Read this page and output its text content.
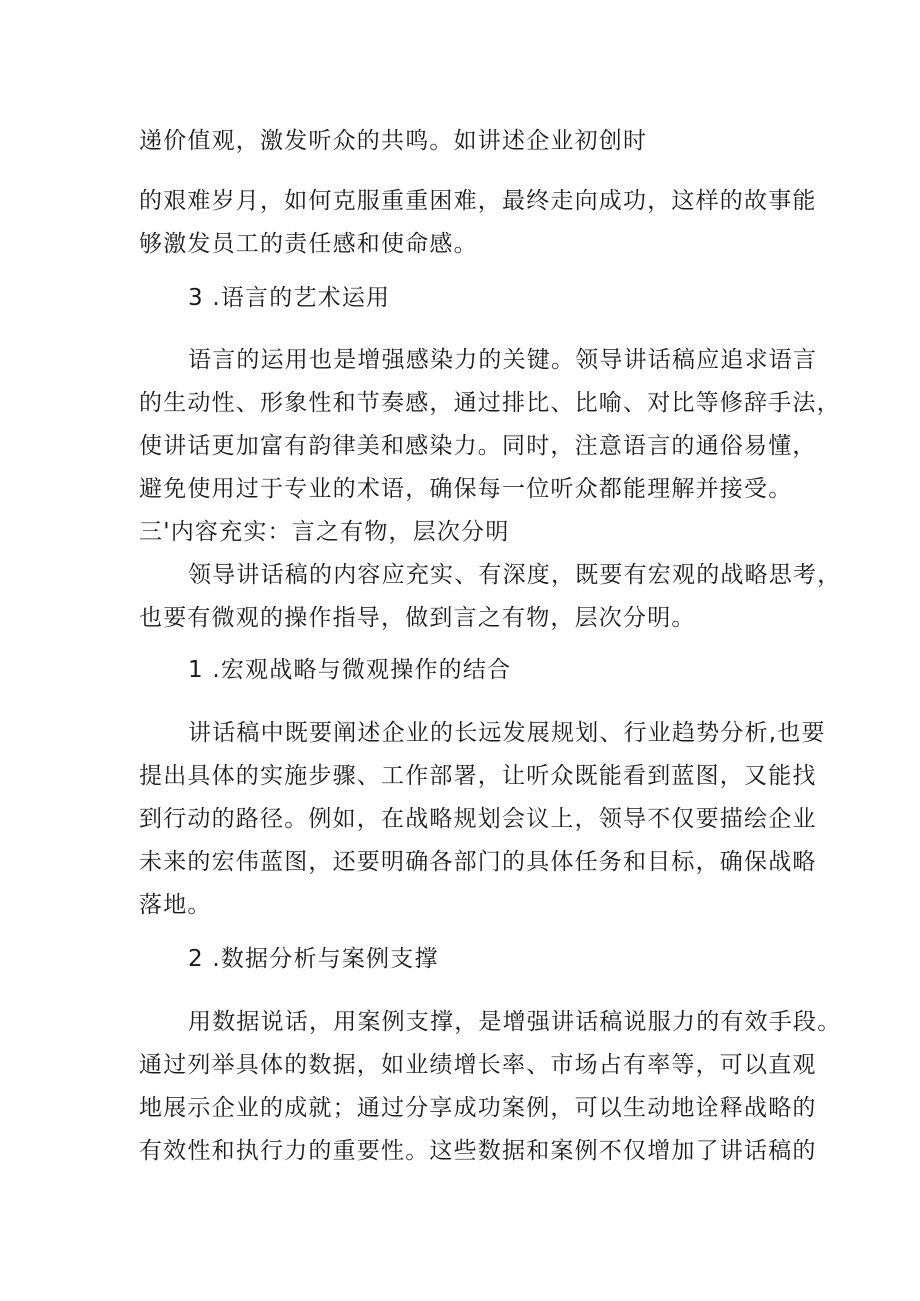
递价值观，激发听众的共鸣。如讲述企业初创时
的艰难岁月，如何克服重重困难，最终走向成功，这样的故事能
够激发员工的责任感和使命感。
3 .语言的艺术运用
语言的运用也是增强感染力的关键。领导讲话稿应追求语言
的生动性、形象性和节奏感，通过排比、比喻、对比等修辞手法，
使讲话更加富有韵律美和感染力。同时，注意语言的通俗易懂，
避免使用过于专业的术语，确保每一位听众都能理解并接受。
三'内容充实：言之有物，层次分明
领导讲话稿的内容应充实、有深度，既要有宏观的战略思考，
也要有微观的操作指导，做到言之有物，层次分明。
1 .宏观战略与微观操作的结合
讲话稿中既要阐述企业的长远发展规划、行业趋势分析,也要
提出具体的实施步骤、工作部署，让听众既能看到蓝图，又能找
到行动的路径。例如，在战略规划会议上，领导不仅要描绘企业
未来的宏伟蓝图，还要明确各部门的具体任务和目标，确保战略
落地。
2 .数据分析与案例支撑
用数据说话，用案例支撑，是增强讲话稿说服力的有效手段。
通过列举具体的数据，如业绩增长率、市场占有率等，可以直观
地展示企业的成就；通过分享成功案例，可以生动地诠释战略的
有效性和执行力的重要性。这些数据和案例不仅增加了讲话稿的
